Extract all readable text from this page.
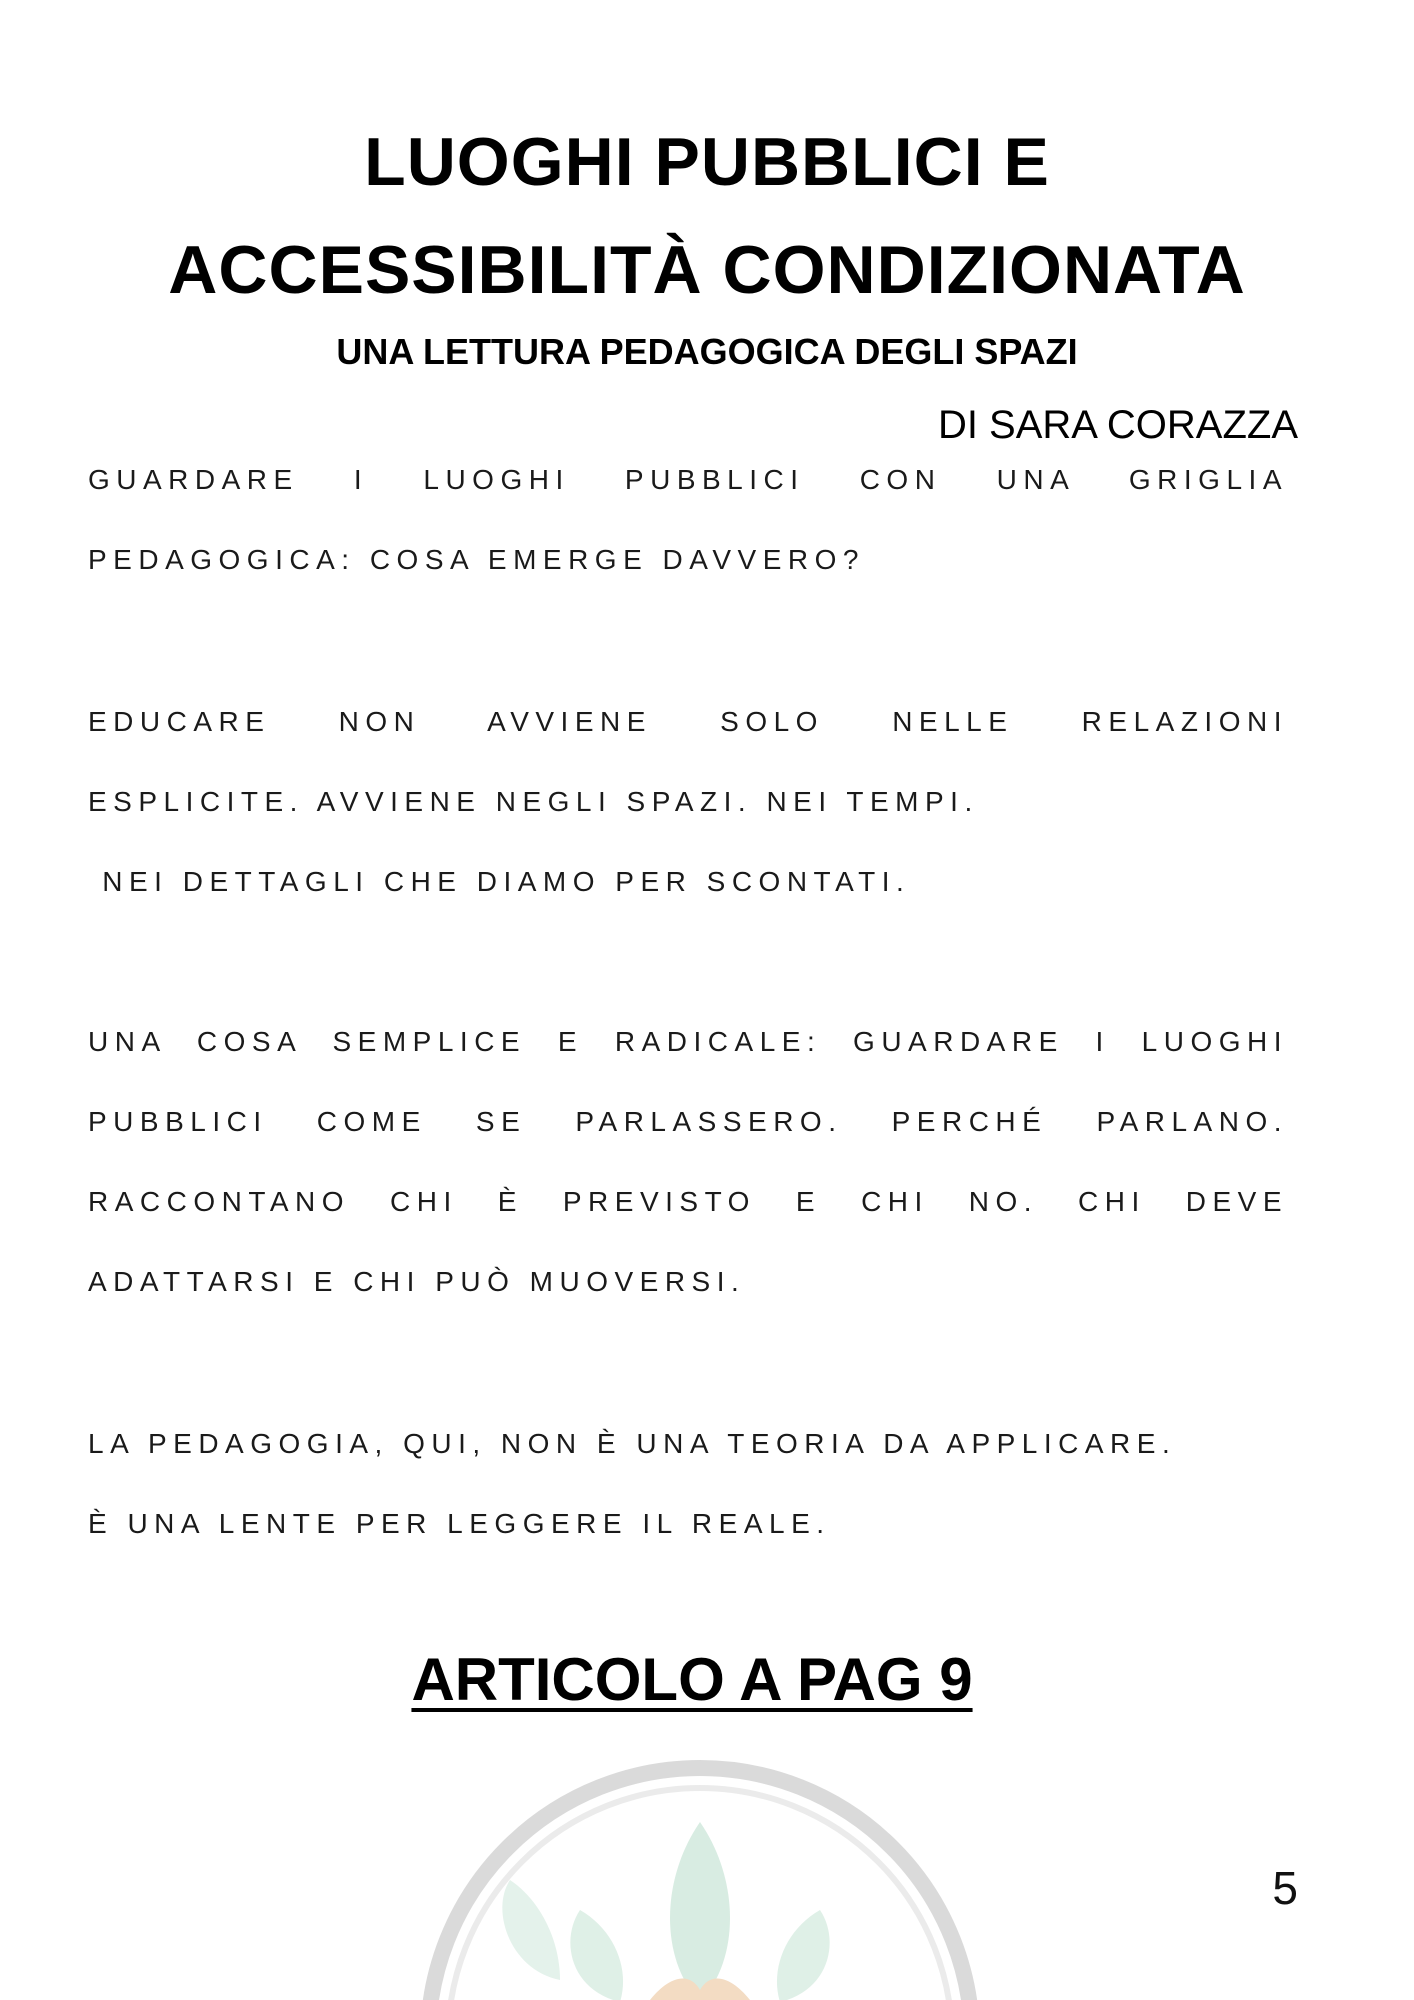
LUOGHI PUBBLICI E
ACCESSIBILITÀ CONDIZIONATA
UNA LETTURA PEDAGOGICA DEGLI SPAZI
DI SARA CORAZZA
GUARDARE I LUOGHI PUBBLICI CON UNA GRIGLIA
PEDAGOGICA: COSA EMERGE DAVVERO?
EDUCARE NON AVVIENE SOLO NELLE RELAZIONI
ESPLICITE. AVVIENE NEGLI SPAZI. NEI TEMPI.
NEI DETTAGLI CHE DIAMO PER SCONTATI.
UNA COSA SEMPLICE E RADICALE: GUARDARE I LUOGHI
PUBBLICI COME SE PARLASSERO. PERCHÉ PARLANO.
RACCONTANO CHI È PREVISTO E CHI NO. CHI DEVE
ADATTARSI E CHI PUÒ MUOVERSI.
LA PEDAGOGIA, QUI, NON È UNA TEORIA DA APPLICARE.
È UNA LENTE PER LEGGERE IL REALE.
ARTICOLO A PAG 9
5
